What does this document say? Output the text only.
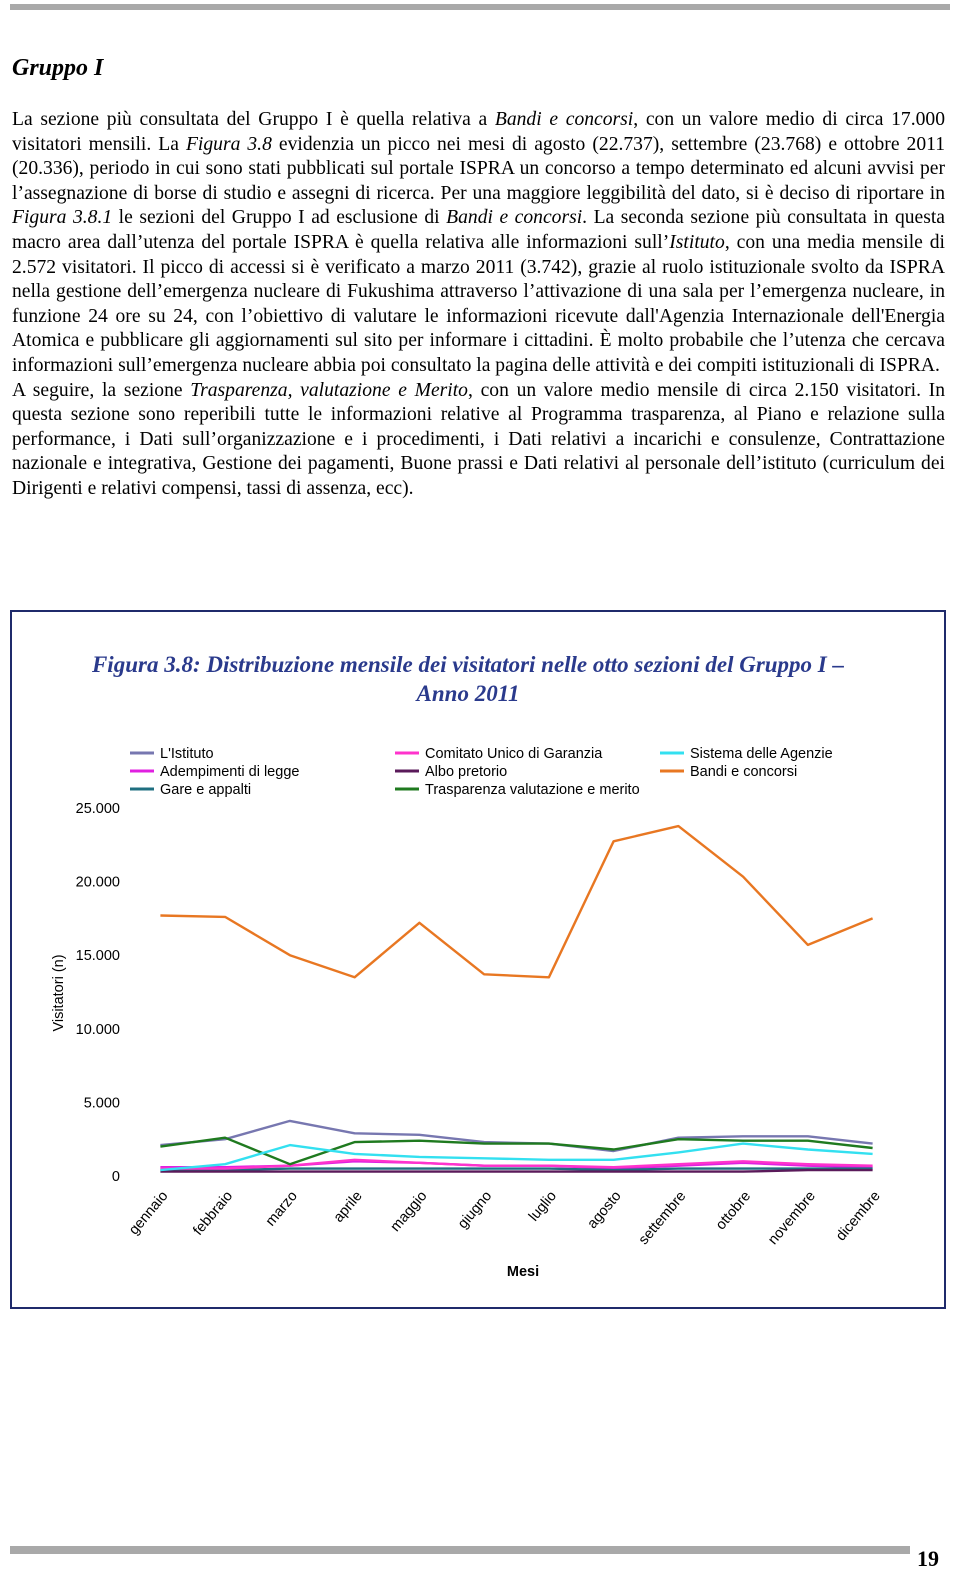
Gruppo I

La sezione più consultata del Gruppo I è quella relativa a Bandi e concorsi, con un valore medio di circa 17.000 visitatori mensili. La Figura 3.8 evidenzia un picco nei mesi di agosto (22.737), settembre (23.768) e ottobre 2011 (20.336), periodo in cui sono stati pubblicati sul portale ISPRA un concorso a tempo determinato ed alcuni avvisi per l’assegnazione di borse di studio e assegni di ricerca. Per una maggiore leggibilità del dato, si è deciso di riportare in Figura 3.8.1 le sezioni del Gruppo I ad esclusione di Bandi e concorsi. La seconda sezione più consultata in questa macro area dall’utenza del portale ISPRA è quella relativa alle informazioni sull’Istituto, con una media mensile di 2.572 visitatori. Il picco di accessi si è verificato a marzo 2011 (3.742), grazie al ruolo istituzionale svolto da ISPRA nella gestione dell’emergenza nucleare di Fukushima attraverso l’attivazione di una sala per l’emergenza nucleare, in funzione 24 ore su 24, con l’obiettivo di valutare le informazioni ricevute dall'Agenzia Internazionale dell'Energia Atomica e pubblicare gli aggiornamenti sul sito per informare i cittadini. È molto probabile che l’utenza che cercava informazioni sull’emergenza nucleare abbia poi consultato la pagina delle attività e dei compiti istituzionali di ISPRA.

A seguire, la sezione Trasparenza, valutazione e Merito, con un valore medio mensile di circa 2.150 visitatori. In questa sezione sono reperibili tutte le informazioni relative al Programma trasparenza, al Piano e relazione sulla performance, i Dati sull’organizzazione e i procedimenti, i Dati relativi a incarichi e consulenze, Contrattazione nazionale e integrativa, Gestione dei pagamenti, Buone prassi e Dati relativi al personale dell’istituto (curriculum dei Dirigenti e relativi compensi, tassi di assenza, ecc).

Figura 3.8: Distribuzione mensile dei visitatori nelle otto sezioni del Gruppo I –
Anno 2011
0
5.000
10.000
15.000
20.000
25.000
Visitatori (n)
gennaio febbraio marzo aprile maggio giugno luglio agosto settembre ottobre novembre dicembre
Mesi
L'Istituto
Adempimenti di legge
Gare e appalti
Comitato Unico di Garanzia
Albo pretorio
Trasparenza valutazione e merito
Sistema delle Agenzie
Bandi e concorsi
19
